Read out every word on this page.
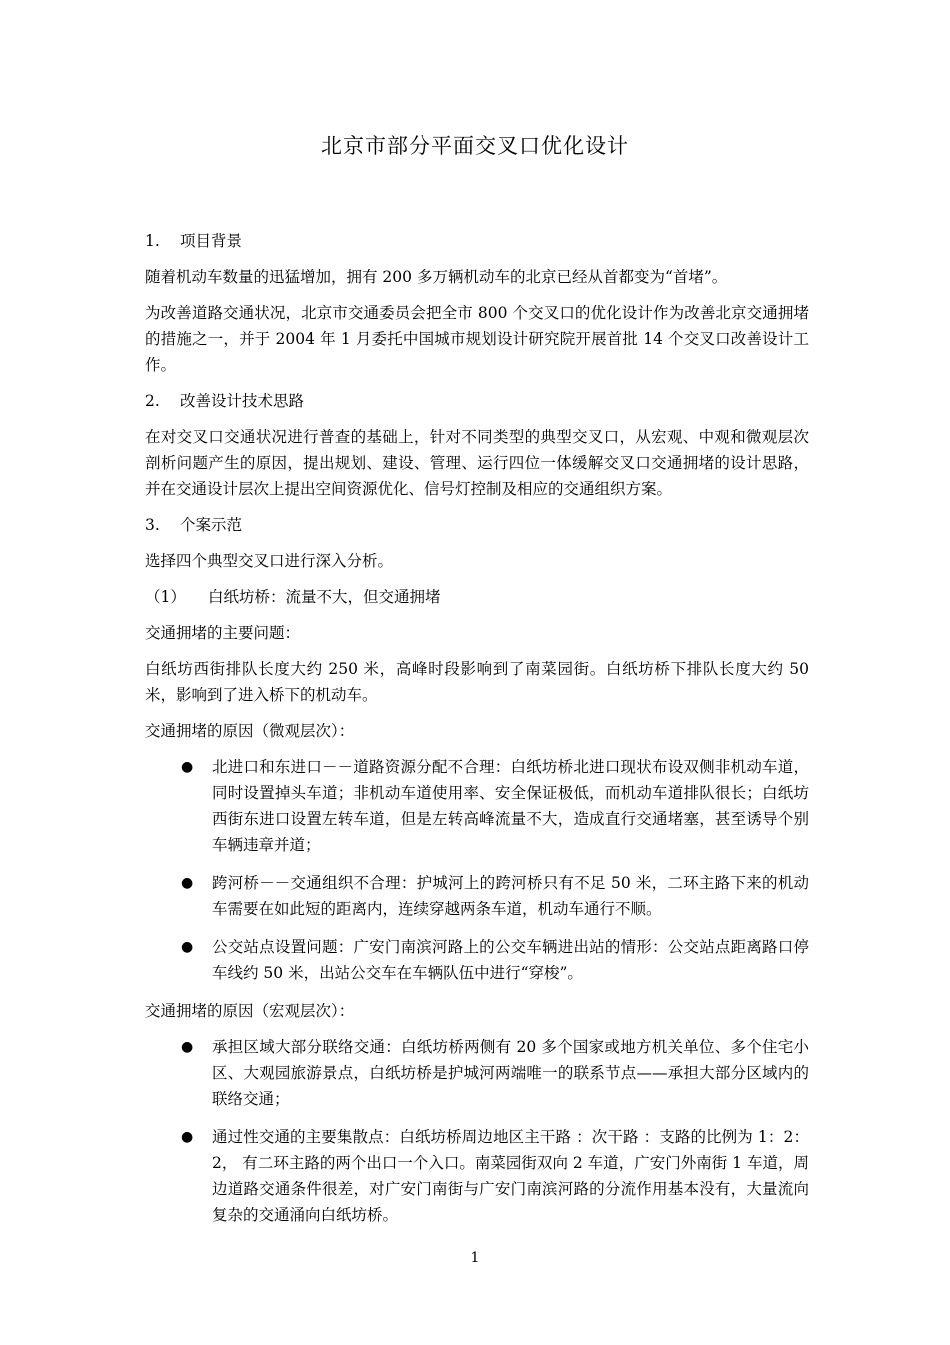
北京市部分平面交叉口优化设计
1. 项目背景

随着机动车数量的迅猛增加，拥有 200 多万辆机动车的北京已经从首都变为“首堵”。

为改善道路交通状况，北京市交通委员会把全市 800 个交叉口的优化设计作为改善北京交通拥堵的措施之一，并于 2004 年 1 月委托中国城市规划设计研究院开展首批 14 个交叉口改善设计工作。

2. 改善设计技术思路

在对交叉口交通状况进行普查的基础上，针对不同类型的典型交叉口，从宏观、中观和微观层次剖析问题产生的原因，提出规划、建设、管理、运行四位一体缓解交叉口交通拥堵的设计思路，并在交通设计层次上提出空间资源优化、信号灯控制及相应的交通组织方案。

3. 个案示范

选择四个典型交叉口进行深入分析。

（1） 白纸坊桥：流量不大，但交通拥堵

交通拥堵的主要问题：

白纸坊西街排队长度大约 250 米，高峰时段影响到了南菜园街。白纸坊桥下排队长度大约 50 米，影响到了进入桥下的机动车。

交通拥堵的原因（微观层次）：

● 北进口和东进口－－道路资源分配不合理：白纸坊桥北进口现状布设双侧非机动车道，同时设置掉头车道；非机动车道使用率、安全保证极低，而机动车道排队很长；白纸坊西街东进口设置左转车道，但是左转高峰流量不大，造成直行交通堵塞，甚至诱导个别车辆违章并道；
● 跨河桥－－交通组织不合理：护城河上的跨河桥只有不足 50 米，二环主路下来的机动车需要在如此短的距离内，连续穿越两条车道，机动车通行不顺。
● 公交站点设置问题：广安门南滨河路上的公交车辆进出站的情形：公交站点距离路口停车线约 50 米，出站公交车在车辆队伍中进行“穿梭”。

交通拥堵的原因（宏观层次）：

● 承担区域大部分联络交通：白纸坊桥两侧有 20 多个国家或地方机关单位、多个住宅小区、大观园旅游景点，白纸坊桥是护城河两端唯一的联系节点——承担大部分区域内的联络交通；
● 通过性交通的主要集散点：白纸坊桥周边地区主干路 ：次干路 ：支路的比例为 1：2：2， 有二环主路的两个出口一个入口。南菜园街双向 2 车道，广安门外南街 1 车道，周边道路交通条件很差，对广安门南街与广安门南滨河路的分流作用基本没有，大量流向复杂的交通涌向白纸坊桥。
1
